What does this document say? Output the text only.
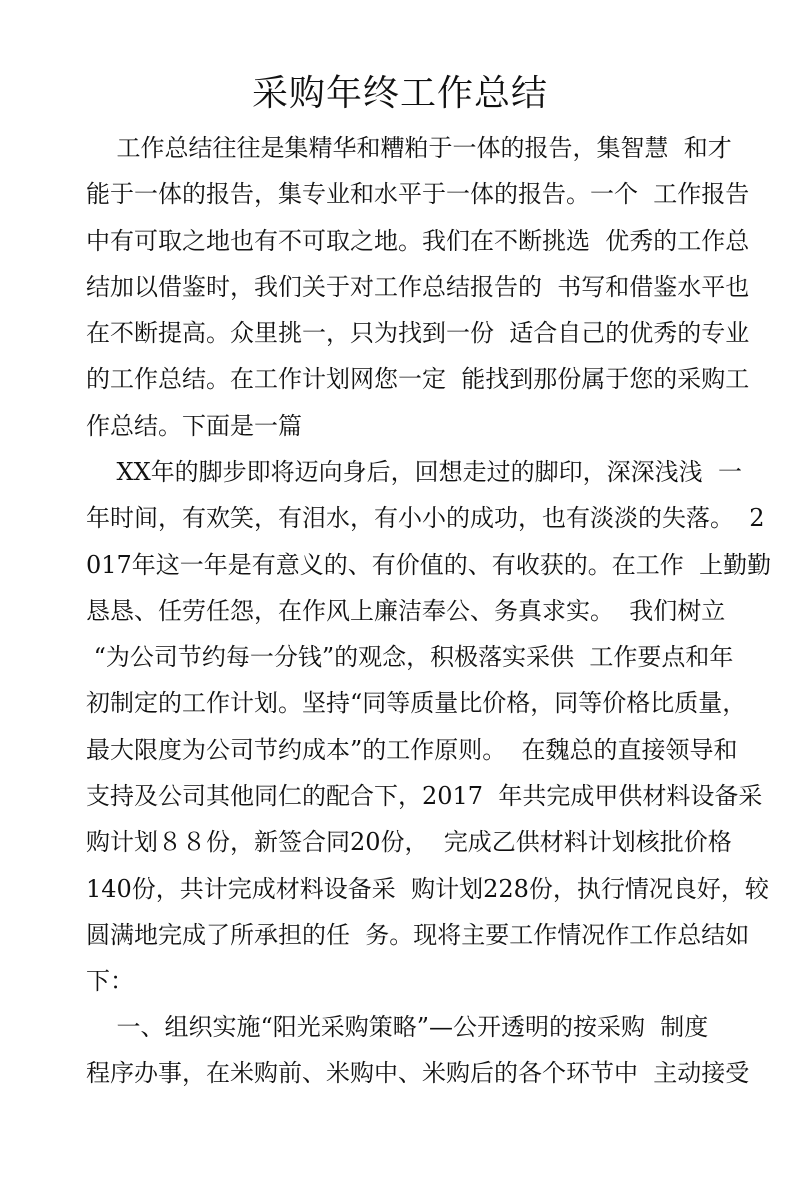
采购年终工作总结
工作总结往往是集精华和糟粕于一体的报告，集智慧  和才
能于一体的报告，集专业和水平于一体的报告。一个  工作报告
中有可取之地也有不可取之地。我们在不断挑选  优秀的工作总
结加以借鉴时，我们关于对工作总结报告的  书写和借鉴水平也
在不断提高。众里挑一，只为找到一份  适合自己的优秀的专业
的工作总结。在工作计划网您一定  能找到那份属于您的采购工
作总结。下面是一篇
XX年的脚步即将迈向身后，回想走过的脚印，深深浅浅  一
年时间，有欢笑，有泪水，有小小的成功，也有淡淡的失落。  2
017年这一年是有意义的、有价值的、有收获的。在工作  上勤勤
恳恳、任劳任怨，在作风上廉洁奉公、务真求实。  我们树立
“为公司节约每一分钱”的观念，积极落实采供  工作要点和年
初制定的工作计划。坚持“同等质量比价格，同等价格比质量，
最大限度为公司节约成本”的工作原则。  在魏总的直接领导和
支持及公司其他同仁的配合下，2017  年共完成甲供材料设备采
购计划８８份，新签合同20份，  完成乙供材料计划核批价格
140份，共计完成材料设备采  购计划228份，执行情况良好，较
圆满地完成了所承担的任  务。现将主要工作情况作工作总结如
下：
一、组织实施“阳光采购策略”—公开透明的按采购  制度
程序办事，在米购前、米购中、米购后的各个环节中  主动接受
